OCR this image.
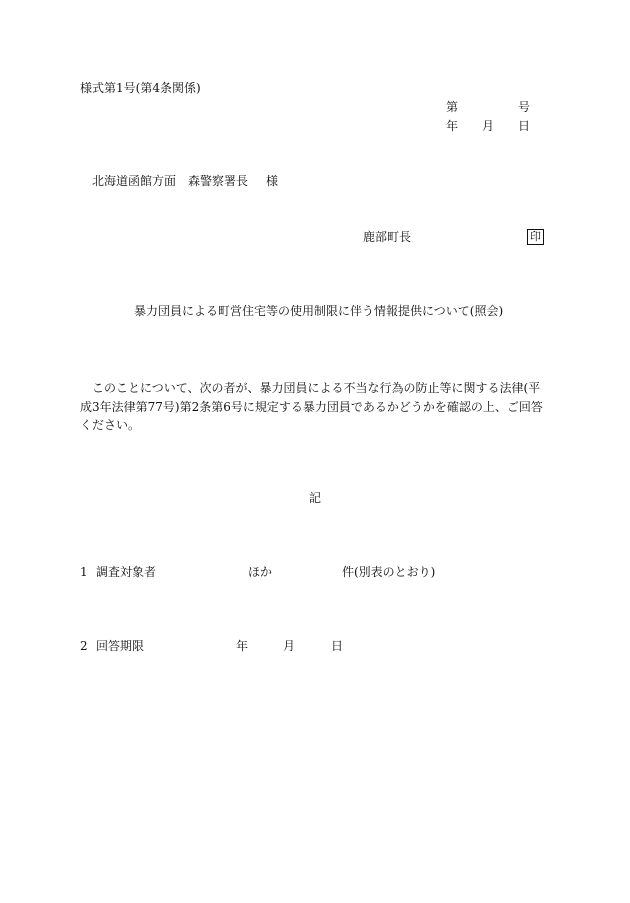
様式第1号(第4条関係)
第	号
年 月 日
北海道函館方面　森警察署長 様
鹿部町長	印
暴力団員による町営住宅等の使用制限に伴う情報提供について(照会)
このことについて、次の者が、暴力団員による不当な行為の防止等に関する法律(平成3年法律第77号)第2条第6号に規定する暴力団員であるかどうかを確認の上、ご回答ください。
記
1 調査対象者	ほか	件(別表のとおり)
2 回答期限	年	月	日
